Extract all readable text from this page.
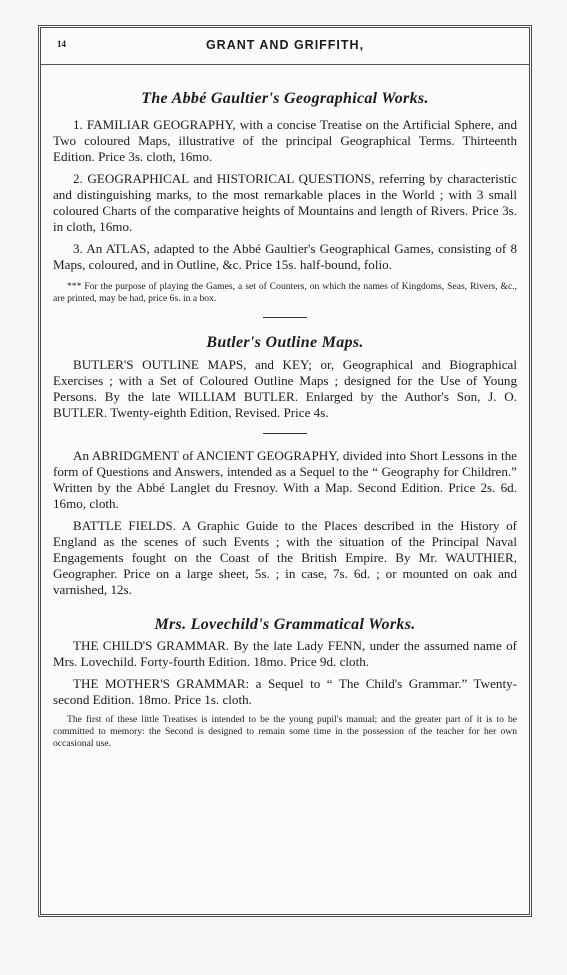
14	GRANT AND GRIFFITH,
The Abbé Gaultier's Geographical Works.

1. FAMILIAR GEOGRAPHY, with a concise Treatise on the Artificial Sphere, and Two coloured Maps, illustrative of the principal Geographical Terms. Thirteenth Edition. Price 3s. cloth, 16mo.

2. GEOGRAPHICAL and HISTORICAL QUESTIONS, referring by characteristic and distinguishing marks, to the most remarkable places in the World ; with 3 small coloured Charts of the comparative heights of Mountains and length of Rivers. Price 3s. in cloth, 16mo.

3. An ATLAS, adapted to the Abbé Gaultier's Geographical Games, consisting of 8 Maps, coloured, and in Outline, &c. Price 15s. half-bound, folio.

*** For the purpose of playing the Games, a set of Counters, on which the names of Kingdoms, Seas, Rivers, &c., are printed, may be had, price 6s. in a box.

Butler's Outline Maps.

BUTLER'S OUTLINE MAPS, and KEY; or, Geographical and Biographical Exercises ; with a Set of Coloured Outline Maps ; designed for the Use of Young Persons. By the late WILLIAM BUTLER. Enlarged by the Author's Son, J. O. BUTLER. Twenty-eighth Edition, Revised. Price 4s.

An ABRIDGMENT of ANCIENT GEOGRAPHY, divided into Short Lessons in the form of Questions and Answers, intended as a Sequel to the “ Geography for Children.” Written by the Abbé Langlet du Fresnoy. With a Map. Second Edition. Price 2s. 6d. 16mo, cloth.

BATTLE FIELDS. A Graphic Guide to the Places described in the History of England as the scenes of such Events ; with the situation of the Principal Naval Engagements fought on the Coast of the British Empire. By Mr. WAUTHIER, Geographer. Price on a large sheet, 5s. ; in case, 7s. 6d. ; or mounted on oak and varnished, 12s.

Mrs. Lovechild's Grammatical Works.

THE CHILD'S GRAMMAR. By the late Lady FENN, under the assumed name of Mrs. Lovechild. Forty-fourth Edition. 18mo. Price 9d. cloth.

THE MOTHER'S GRAMMAR: a Sequel to “ The Child's Grammar.” Twenty-second Edition. 18mo. Price 1s. cloth.

The first of these little Treatises is intended to be the young pupil's manual; and the greater part of it is to be committed to memory: the Second is designed to remain some time in the possession of the teacher for her own occasional use.
